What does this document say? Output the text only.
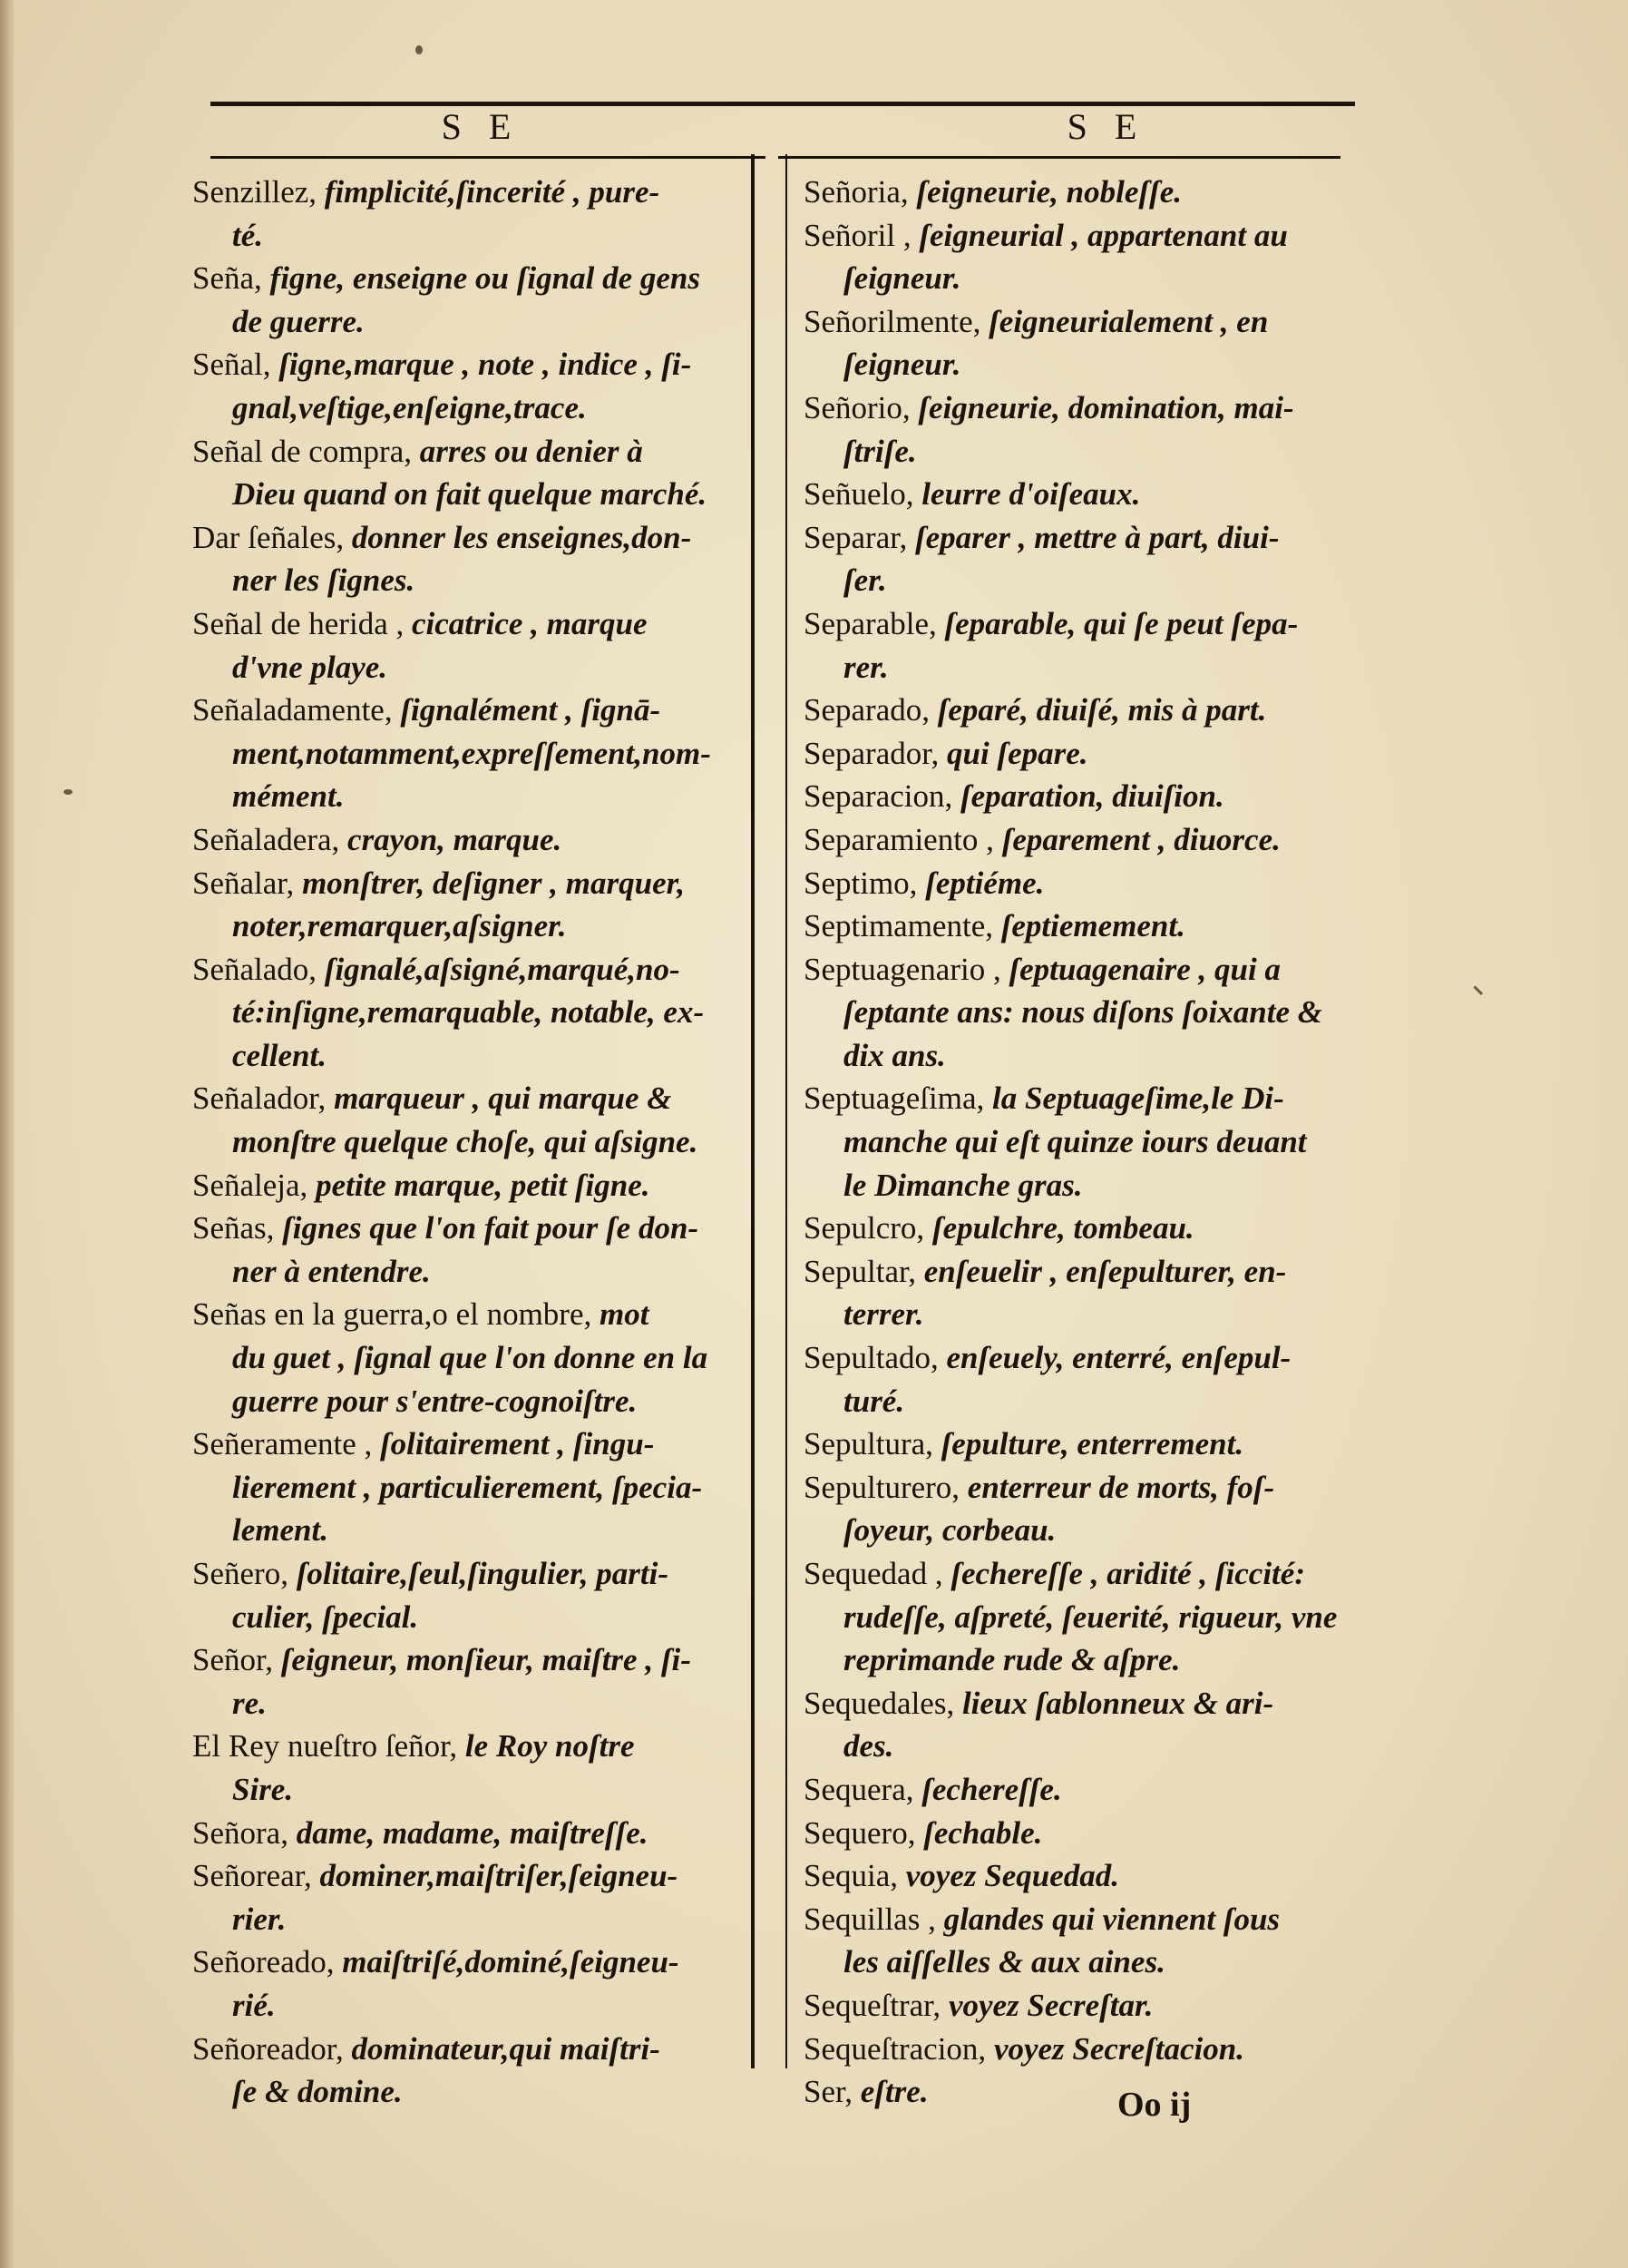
S E	S E
Senzillez, fimplicité,ſincerité , pure-
té.
Seña, figne, enseigne ou ſignal de gens
de guerre.
Señal, ſigne,marque , note , indice , ſi-
gnal,veſtige,enſeigne,trace.
Señal de compra, arres ou denier à
Dieu quand on fait quelque marché.
Dar ſeñales, donner les enseignes,don-
ner les ſignes.
Señal de herida , cicatrice , marque
d'vne playe.
Señaladamente, ſignalément , ſignā-
ment,notamment,expreſſement,nom-
mément.
Señaladera, crayon, marque.
Señalar, monſtrer, deſigner , marquer,
noter,remarquer,aſsigner.
Señalado, ſignalé,aſsigné,marqué,no-
té:inſigne,remarquable, notable, ex-
cellent.
Señalador, marqueur , qui marque &
monſtre quelque choſe, qui aſsigne.
Señaleja, petite marque, petit ſigne.
Señas, ſignes que l'on fait pour ſe don-
ner à entendre.
Señas en la guerra,o el nombre, mot
du guet , ſignal que l'on donne en la
guerre pour s'entre-cognoiſtre.
Señeramente , ſolitairement , ſingu-
lierement , particulierement, ſpecia-
lement.
Señero, ſolitaire,ſeul,ſingulier, parti-
culier, ſpecial.
Señor, ſeigneur, monſieur, maiſtre , ſi-
re.
El Rey nueſtro ſeñor, le Roy noſtre
Sire.
Señora, dame, madame, maiſtreſſe.
Señorear, dominer,maiſtriſer,ſeigneu-
rier.
Señoreado, maiſtriſé,dominé,ſeigneu-
rié.
Señoreador, dominateur,qui maiſtri-
ſe & domine.
Señoria, ſeigneurie, nobleſſe.
Señoril , ſeigneurial , appartenant au
ſeigneur.
Señorilmente, ſeigneurialement , en
ſeigneur.
Señorio, ſeigneurie, domination, mai-
ſtriſe.
Señuelo, leurre d'oiſeaux.
Separar, ſeparer , mettre à part, diui-
ſer.
Separable, ſeparable, qui ſe peut ſepa-
rer.
Separado, ſeparé, diuiſé, mis à part.
Separador, qui ſepare.
Separacion, ſeparation, diuiſion.
Separamiento , ſeparement , diuorce.
Septimo, ſeptiéme.
Septimamente, ſeptiemement.
Septuagenario , ſeptuagenaire , qui a
ſeptante ans: nous diſons ſoixante &
dix ans.
Septuageſima, la Septuageſime,le Di-
manche qui eſt quinze iours deuant
le Dimanche gras.
Sepulcro, ſepulchre, tombeau.
Sepultar, enſeuelir , enſepulturer, en-
terrer.
Sepultado, enſeuely, enterré, enſepul-
turé.
Sepultura, ſepulture, enterrement.
Sepulturero, enterreur de morts, foſ-
ſoyeur, corbeau.
Sequedad , ſechereſſe , aridité , ſiccité:
rudeſſe, aſpreté, ſeuerité, rigueur, vne
reprimande rude & aſpre.
Sequedales, lieux ſablonneux & ari-
des.
Sequera, ſechereſſe.
Sequero, ſechable.
Sequia, voyez Sequedad.
Sequillas , glandes qui viennent ſous
les aiſſelles & aux aines.
Sequeſtrar, voyez Secreſtar.
Sequeſtracion, voyez Secreſtacion.
Ser, eſtre.	Oo ij
